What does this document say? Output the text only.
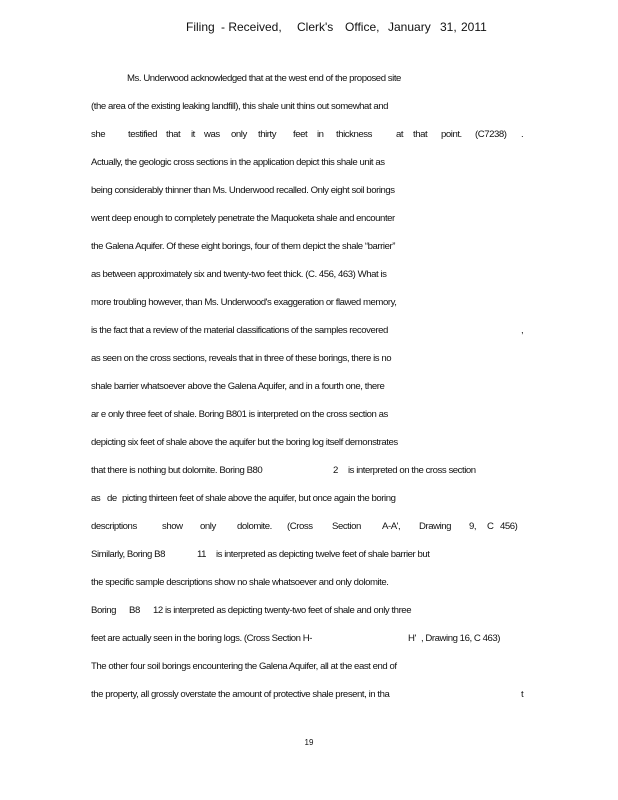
Filing - Received, Clerk's Office, January 31, 2011
Ms. Underwood acknowledged that at the west end of the proposed site
(the area of the existing leaking landfill), this shale unit thins out somewhat and
she testified that it was only thirty feet in thickness	at that point. (C7238) .
Actually, the geologic cross sections in the application depict this shale unit as
being considerably thinner than Ms. Underwood recalled. Only eight soil borings
went deep enough to completely penetrate the Maquoketa shale and encounter
the Galena Aquifer. Of these eight borings, four of them depict the shale “barrier”
as between approximately six and twenty-two feet thick. (C. 456, 463) What is
more troubling however, than Ms. Underwood's exaggeration or flawed memory,
is the fact that a review of the material classifications of the samples recovered	,
as seen on the cross sections, reveals that in three of these borings, there is no
shale barrier whatsoever above the Galena Aquifer, and in a fourth one, there
ar e only three feet of shale. Boring B801 is interpreted on the cross section as
depicting six feet of shale above the aquifer but the boring log itself demonstrates
that there is nothing but dolomite. Boring B80	2 is interpreted on the cross section
as de picting thirteen feet of shale above the aquifer, but once again the boring
descriptions	show only dolomite. (Cross Section A-A', Drawing 9, C 456)
Similarly, Boring B8	11 is interpreted as depicting twelve feet of shale barrier but
the specific sample descriptions show no shale whatsoever and only dolomite.
Boring B8 12 is interpreted as depicting twenty-two feet of shale and only three
feet are actually seen in the boring logs. (Cross Section H-	H' , Drawing 16, C 463)
The other four soil borings encountering the Galena Aquifer, all at the east end of
the property, all grossly overstate the amount of protective shale present, in tha	t
19
